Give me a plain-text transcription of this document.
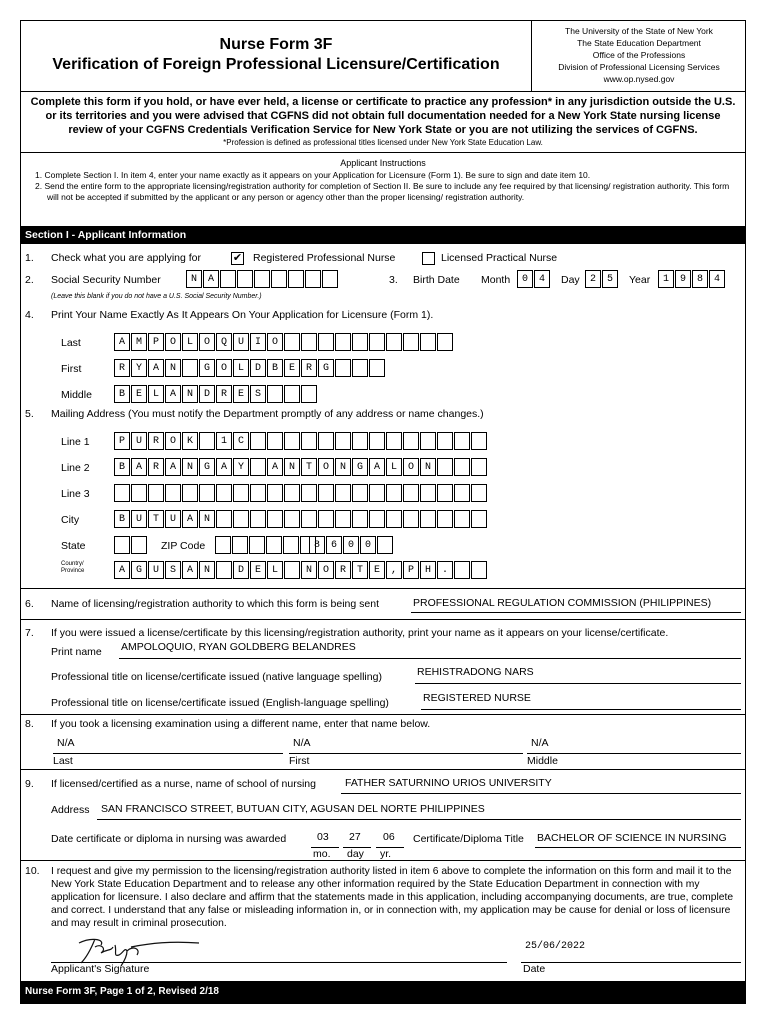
Nurse Form 3F
Verification of Foreign Professional Licensure/Certification
The University of the State of New York
The State Education Department
Office of the Professions
Division of Professional Licensing Services
www.op.nysed.gov
Complete this form if you hold, or have ever held, a license or certificate to practice any profession* in any jurisdiction outside the U.S. or its territories and you were advised that CGFNS did not obtain full documentation needed for a New York State nursing license review of your CGFNS Credentials Verification Service for New York State or you are not utilizing the services of CGFNS.
*Profession is defined as professional titles licensed under New York State Education Law.
Applicant Instructions
1. Complete Section I. In item 4, enter your name exactly as it appears on your Application for Licensure (Form 1). Be sure to sign and date item 10.
2. Send the entire form to the appropriate licensing/registration authority for completion of Section II. Be sure to include any fee required by that licensing/ registration authority. This form will not be accepted if submitted by the applicant or any person or agency other than the proper licensing/ registration authority.
Section I - Applicant Information
1. Check what you are applying for	✔ Registered Professional Nurse	Licensed Practical Nurse
2. Social Security Number	N	A
(Leave this blank if you do not have a U.S. Social Security Number.)
3. Birth Date Month	0	4	Day	2	5	Year	1	9	8	4
4. Print Your Name Exactly As It Appears On Your Application for Licensure (Form 1).
Last	A	M	P	O	L	O	Q	U	I	O
First	R	Y	A	N	G	O	L	D	B	E	R	G
Middle	B	E	L	A	N	D	R	E	S
5. Mailing Address (You must notify the Department promptly of any address or name changes.)
Line 1	P	U	R	O	K	1	C
Line 2	B	A	R	A	N	G	A	Y	A	N	T	O	N	G	A	L	O	N
Line 3
City	B	U	T	U	A	N
State	ZIP Code	8	6	0	0
Country/
Province	A	G	U	S	A	N	D	E	L	N	O	R	T	E	,	P	H	.
6. Name of licensing/registration authority to which this form is being sent	PROFESSIONAL REGULATION COMMISSION (PHILIPPINES)
7. If you were issued a license/certificate by this licensing/registration authority, print your name as it appears on your license/certificate.
Print name AMPOLOQUIO, RYAN GOLDBERG BELANDRES
Professional title on license/certificate issued (native language spelling)	REHISTRADONG NARS
Professional title on license/certificate issued (English-language spelling)	REGISTERED NURSE
8. If you took a licensing examination using a different name, enter that name below.
N/A
Last
N/A
First
N/A
Middle
9. If licensed/certified as a nurse, name of school of nursing	FATHER SATURNINO URIOS UNIVERSITY
Address SAN FRANCISCO STREET, BUTUAN CITY, AGUSAN DEL NORTE PHILIPPINES
Date certificate or diploma in nursing was awarded	03
mo.
27
day
06
yr.
Certificate/Diploma Title BACHELOR OF SCIENCE IN NURSING
10. I request and give my permission to the licensing/registration authority listed in item 6 above to complete the information on this form and mail it to the New York State Education Department and to release any other information required by the State Education Department in connection with my application for licensure. I also declare and affirm that the statements made in this application, including accompanying documents, are true, complete and correct. I understand that any false or misleading information in, or in connection with, my application may be cause for denial or loss of licensure and may result in criminal prosecution.
Applicant's Signature
25/06/2022
Date
Nurse Form 3F, Page 1 of 2, Revised 2/18
